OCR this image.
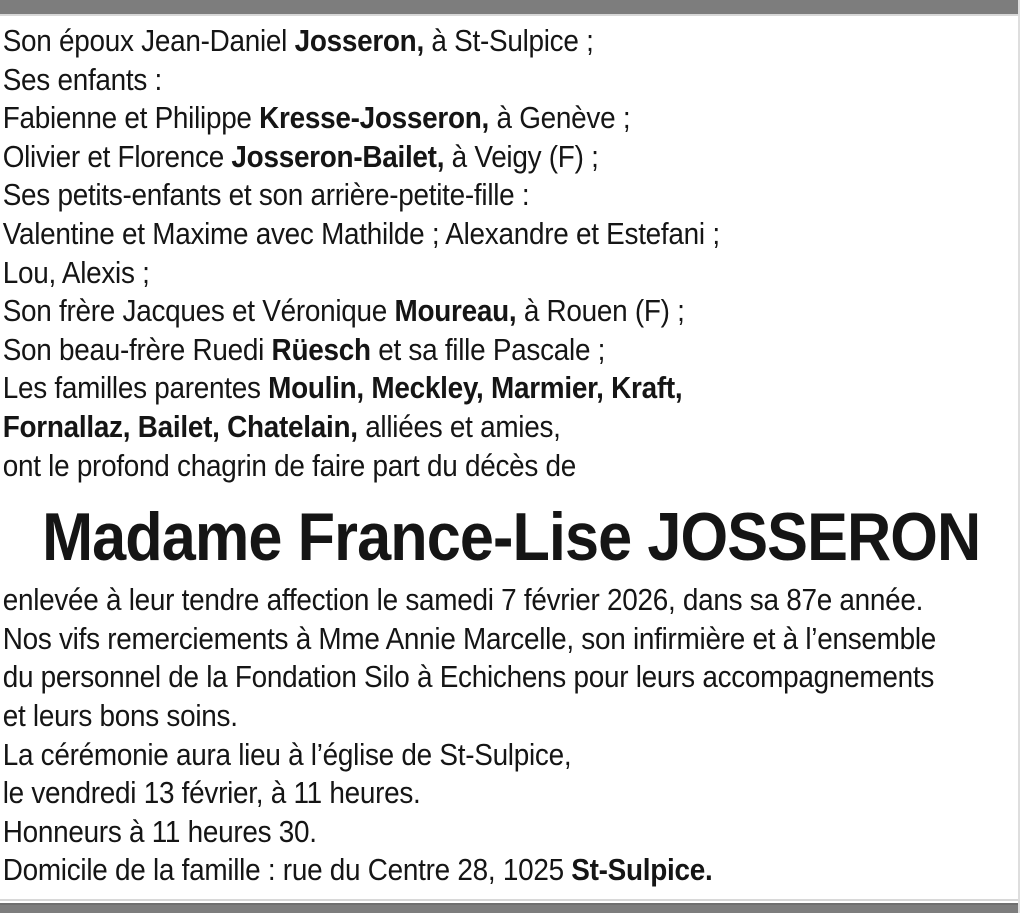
Son époux Jean-Daniel Josseron, à St-Sulpice ;

Ses enfants :

Fabienne et Philippe Kresse-Josseron, à Genève ;

Olivier et Florence Josseron-Bailet, à Veigy (F) ;

Ses petits-enfants et son arrière-petite-fille :

Valentine et Maxime avec Mathilde ; Alexandre et Estefani ;

Lou, Alexis ;

Son frère Jacques et Véronique Moureau, à Rouen (F) ;

Son beau-frère Ruedi Rüesch et sa fille Pascale ;

Les familles parentes Moulin, Meckley, Marmier, Kraft,

Fornallaz, Bailet, Chatelain, alliées et amies,

ont le profond chagrin de faire part du décès de

Madame France-Lise JOSSERON

enlevée à leur tendre affection le samedi 7 février 2026, dans sa 87e année.

Nos vifs remerciements à Mme Annie Marcelle, son infirmière et à l’ensemble

du personnel de la Fondation Silo à Echichens pour leurs accompagnements

et leurs bons soins.

La cérémonie aura lieu à l’église de St-Sulpice,

le vendredi 13 février, à 11 heures.

Honneurs à 11 heures 30.

Domicile de la famille : rue du Centre 28, 1025 St-Sulpice.
